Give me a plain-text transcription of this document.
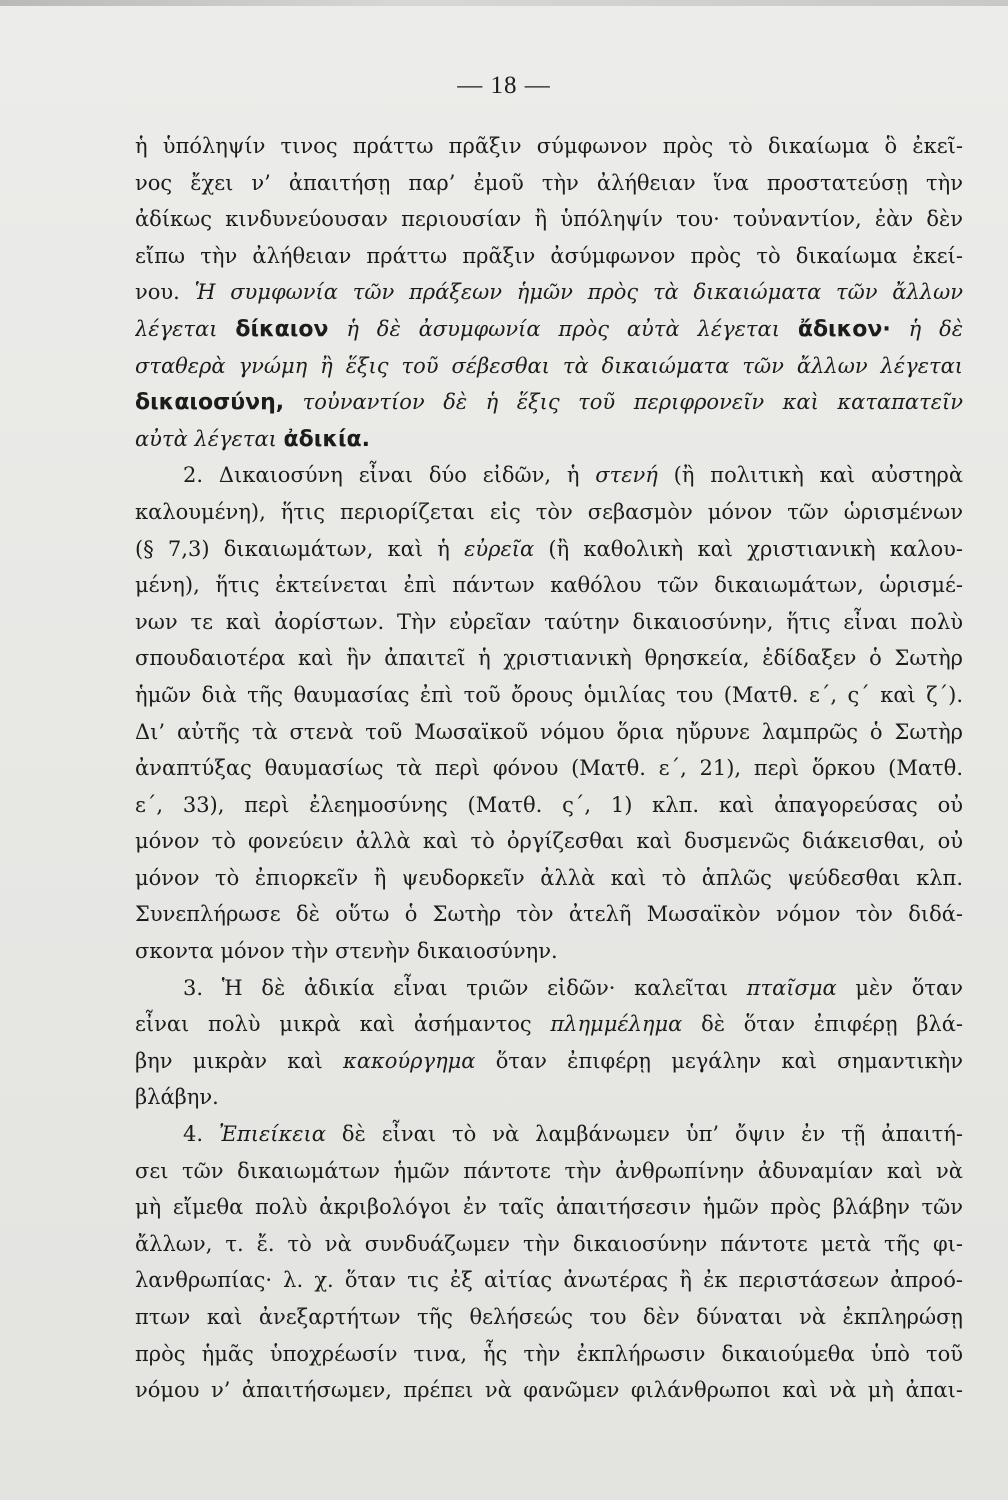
— 18 —
ἡ ὑπόληψίν τινος πράττω πρᾶξιν σύμφωνον πρὸς τὸ δικαίωμα ὃ ἐκεῖ-
νος ἔχει ν’ ἀπαιτήσῃ παρ’ ἐμοῦ τὴν ἀλήθειαν ἵνα προστατεύσῃ τὴν
ἀδίκως κινδυνεύουσαν περιουσίαν ἢ ὑπόληψίν του· τοὐναντίον, ἐὰν δὲν
εἴπω τὴν ἀλήθειαν πράττω πρᾶξιν ἀσύμφωνον πρὸς τὸ δικαίωμα ἐκεί-
νου. Ἡ συμφωνία τῶν πράξεων ἡμῶν πρὸς τὰ δικαιώματα τῶν ἄλλων
λέγεται δίκαιον ἡ δὲ ἀσυμφωνία πρὸς αὐτὰ λέγεται ἄδικον· ἡ δὲ
σταθερὰ γνώμη ἢ ἕξις τοῦ σέβεσθαι τὰ δικαιώματα τῶν ἄλλων λέγεται
δικαιοσύνη, τοὐναντίον δὲ ἡ ἕξις τοῦ περιφρονεῖν καὶ καταπατεῖν
αὐτὰ λέγεται ἀδικία.
2. Δικαιοσύνη εἶναι δύο εἰδῶν, ἡ στενή (ἢ πολιτικὴ καὶ αὐστηρὰ
καλουμένη), ἥτις περιορίζεται εἰς τὸν σεβασμὸν μόνον τῶν ὡρισμένων
(§ 7,3) δικαιωμάτων, καὶ ἡ εὐρεῖα (ἢ καθολικὴ καὶ χριστιανικὴ καλου-
μένη), ἥτις ἐκτείνεται ἐπὶ πάντων καθόλου τῶν δικαιωμάτων, ὡρισμέ-
νων τε καὶ ἀορίστων. Τὴν εὐρεῖαν ταύτην δικαιοσύνην, ἥτις εἶναι πολὺ
σπουδαιοτέρα καὶ ἣν ἀπαιτεῖ ἡ χριστιανικὴ θρησκεία, ἐδίδαξεν ὁ Σωτὴρ
ἡμῶν διὰ τῆς θαυμασίας ἐπὶ τοῦ ὄρους ὁμιλίας του (Ματθ. ε΄, ς΄ καὶ ζ΄).
Δι’ αὐτῆς τὰ στενὰ τοῦ Μωσαϊκοῦ νόμου ὅρια ηὔρυνε λαμπρῶς ὁ Σωτὴρ
ἀναπτύξας θαυμασίως τὰ περὶ φόνου (Ματθ. ε΄, 21), περὶ ὅρκου (Ματθ.
ε΄, 33), περὶ ἐλεημοσύνης (Ματθ. ς΄, 1) κλπ. καὶ ἀπαγορεύσας οὐ
μόνον τὸ φονεύειν ἀλλὰ καὶ τὸ ὀργίζεσθαι καὶ δυσμενῶς διάκεισθαι, οὐ
μόνον τὸ ἐπιορκεῖν ἢ ψευδορκεῖν ἀλλὰ καὶ τὸ ἁπλῶς ψεύδεσθαι κλπ.
Συνεπλήρωσε δὲ οὕτω ὁ Σωτὴρ τὸν ἀτελῆ Μωσαϊκὸν νόμον τὸν διδά-
σκοντα μόνον τὴν στενὴν δικαιοσύνην.
3. Ἡ δὲ ἀδικία εἶναι τριῶν εἰδῶν· καλεῖται πταῖσμα μὲν ὅταν
εἶναι πολὺ μικρὰ καὶ ἀσήμαντος πλημμέλημα δὲ ὅταν ἐπιφέρῃ βλά-
βην μικρὰν καὶ κακούργημα ὅταν ἐπιφέρῃ μεγάλην καὶ σημαντικὴν
βλάβην.
4. Ἐπιείκεια δὲ εἶναι τὸ νὰ λαμβάνωμεν ὑπ’ ὄψιν ἐν τῇ ἀπαιτή-
σει τῶν δικαιωμάτων ἡμῶν πάντοτε τὴν ἀνθρωπίνην ἀδυναμίαν καὶ νὰ
μὴ εἴμεθα πολὺ ἀκριβολόγοι ἐν ταῖς ἀπαιτήσεσιν ἡμῶν πρὸς βλάβην τῶν
ἄλλων, τ. ἔ. τὸ νὰ συνδυάζωμεν τὴν δικαιοσύνην πάντοτε μετὰ τῆς φι-
λανθρωπίας· λ. χ. ὅταν τις ἐξ αἰτίας ἀνωτέρας ἢ ἐκ περιστάσεων ἀπροό-
πτων καὶ ἀνεξαρτήτων τῆς θελήσεώς του δὲν δύναται νὰ ἐκπληρώσῃ
πρὸς ἡμᾶς ὑποχρέωσίν τινα, ἧς τὴν ἐκπλήρωσιν δικαιούμεθα ὑπὸ τοῦ
νόμου ν’ ἀπαιτήσωμεν, πρέπει νὰ φανῶμεν φιλάνθρωποι καὶ νὰ μὴ ἀπαι-
